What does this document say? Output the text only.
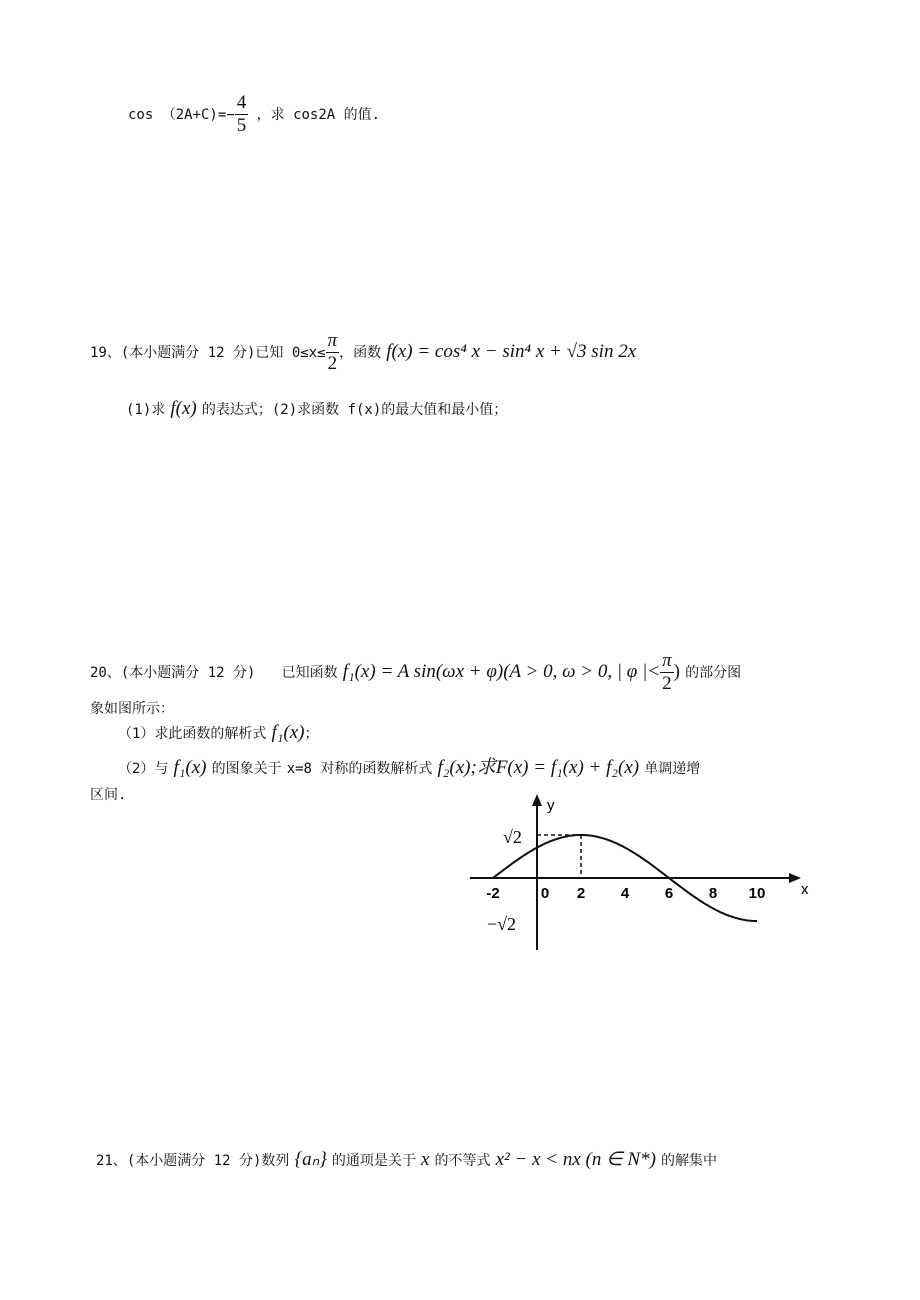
$\cos (2A+C)=- \frac{4}{5}$ ，求 cos2A 的值.
19、(本小题满分 12 分)已知 $0\le x\le \frac{\pi}{2}$ ，函数 f(x) = cos⁴ x − sin⁴ x + √3 sin 2x
(1)求 f(x) 的表达式；(2)求函数 f(x)的最大值和最小值；
20、(本小题满分 12 分) 已知函数 f₁(x) = A sin(ωx + φ)(A > 0, ω > 0, | φ |< $\frac{\pi}{2}$ ) 的部分图
象如图所示：
（1）求此函数的解析式 f₁(x)；
（2）与 f₁(x) 的图象关于 x=8 对称的函数解析式 f₂(x);求F(x) = f₁(x) + f₂(x) 单调递增
区间.
y
x
-2	0 2 4 6 8 10
√2
−√2
21、(本小题满分 12 分)数列 {aₙ} 的通项是关于 x 的不等式 x² − x < nx (n ∈ N*) 的解集中
